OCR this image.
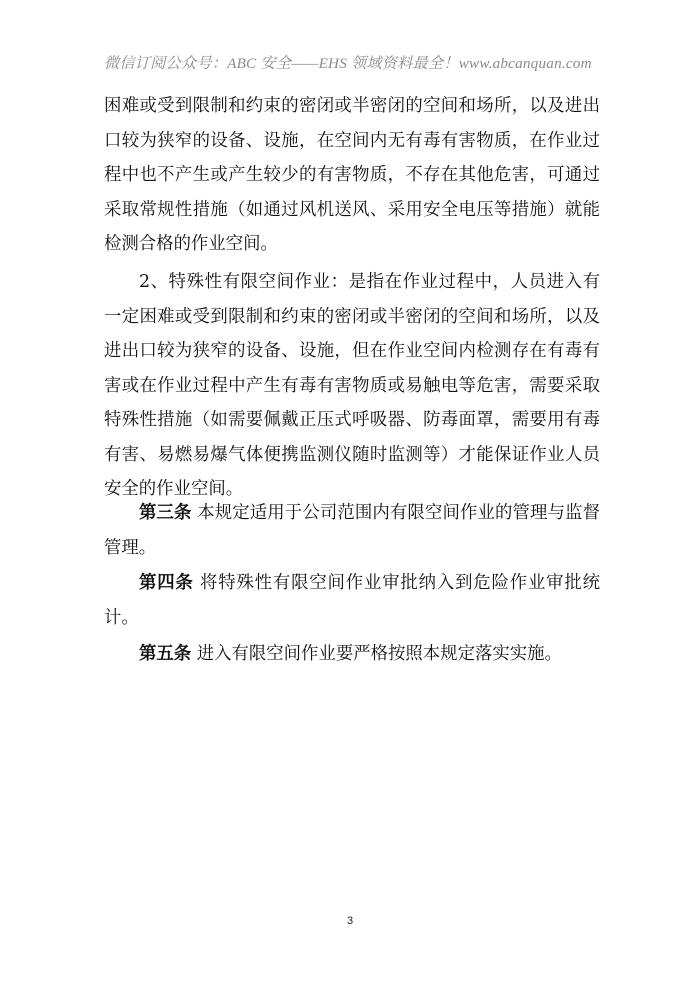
微信订阅公众号：ABC 安全——EHS 领域资料最全！www.abcanquan.com

困难或受到限制和约束的密闭或半密闭的空间和场所，以及进出口较为狭窄的设备、设施，在空间内无有毒有害物质，在作业过程中也不产生或产生较少的有害物质，不存在其他危害，可通过采取常规性措施（如通过风机送风、采用安全电压等措施）就能检测合格的作业空间。

2、特殊性有限空间作业：是指在作业过程中，人员进入有一定困难或受到限制和约束的密闭或半密闭的空间和场所，以及进出口较为狭窄的设备、设施，但在作业空间内检测存在有毒有害或在作业过程中产生有毒有害物质或易触电等危害，需要采取特殊性措施（如需要佩戴正压式呼吸器、防毒面罩，需要用有毒有害、易燃易爆气体便携监测仪随时监测等）才能保证作业人员安全的作业空间。

第三条 本规定适用于公司范围内有限空间作业的管理与监督管理。

第四条 将特殊性有限空间作业审批纳入到危险作业审批统计。

第五条 进入有限空间作业要严格按照本规定落实实施。

3
